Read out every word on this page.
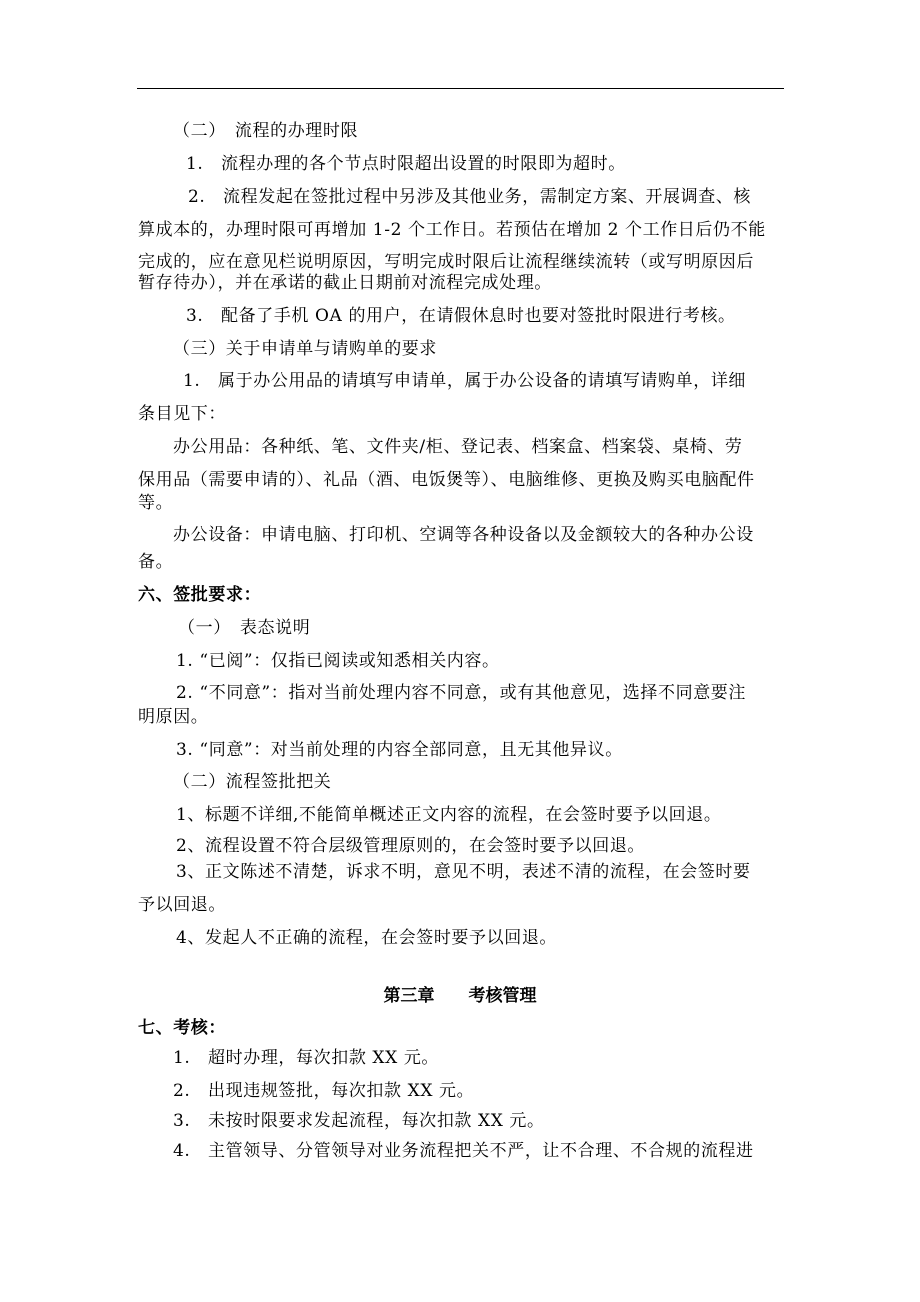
（二）　流程的办理时限
1.　流程办理的各个节点时限超出设置的时限即为超时。
2.　流程发起在签批过程中另涉及其他业务，需制定方案、开展调查、核
算成本的，办理时限可再增加 1-2 个工作日。若预估在增加 2 个工作日后仍不能
完成的，应在意见栏说明原因，写明完成时限后让流程继续流转（或写明原因后
暂存待办），并在承诺的截止日期前对流程完成处理。
3.　配备了手机 OA 的用户，在请假休息时也要对签批时限进行考核。
（三）关于申请单与请购单的要求
1.　属于办公用品的请填写申请单，属于办公设备的请填写请购单，详细
条目见下：
办公用品：各种纸、笔、文件夹/柜、登记表、档案盒、档案袋、桌椅、劳
保用品（需要申请的）、礼品（酒、电饭煲等）、电脑维修、更换及购买电脑配件
等。
办公设备：申请电脑、打印机、空调等各种设备以及金额较大的各种办公设
备。
六、签批要求：
（一）　表态说明
1. “已阅”：仅指已阅读或知悉相关内容。
2. “不同意”：指对当前处理内容不同意，或有其他意见，选择不同意要注
明原因。
3. “同意”：对当前处理的内容全部同意，且无其他异议。
（二）流程签批把关
1、标题不详细,不能简单概述正文内容的流程，在会签时要予以回退。
2、流程设置不符合层级管理原则的，在会签时要予以回退。
3、正文陈述不清楚，诉求不明，意见不明，表述不清的流程，在会签时要
予以回退。
4、发起人不正确的流程，在会签时要予以回退。
第三章 考核管理
七、考核：
1.　超时办理，每次扣款 XX 元。
2.　出现违规签批，每次扣款 XX 元。
3.　未按时限要求发起流程，每次扣款 XX 元。
4.　主管领导、分管领导对业务流程把关不严，让不合理、不合规的流程进
